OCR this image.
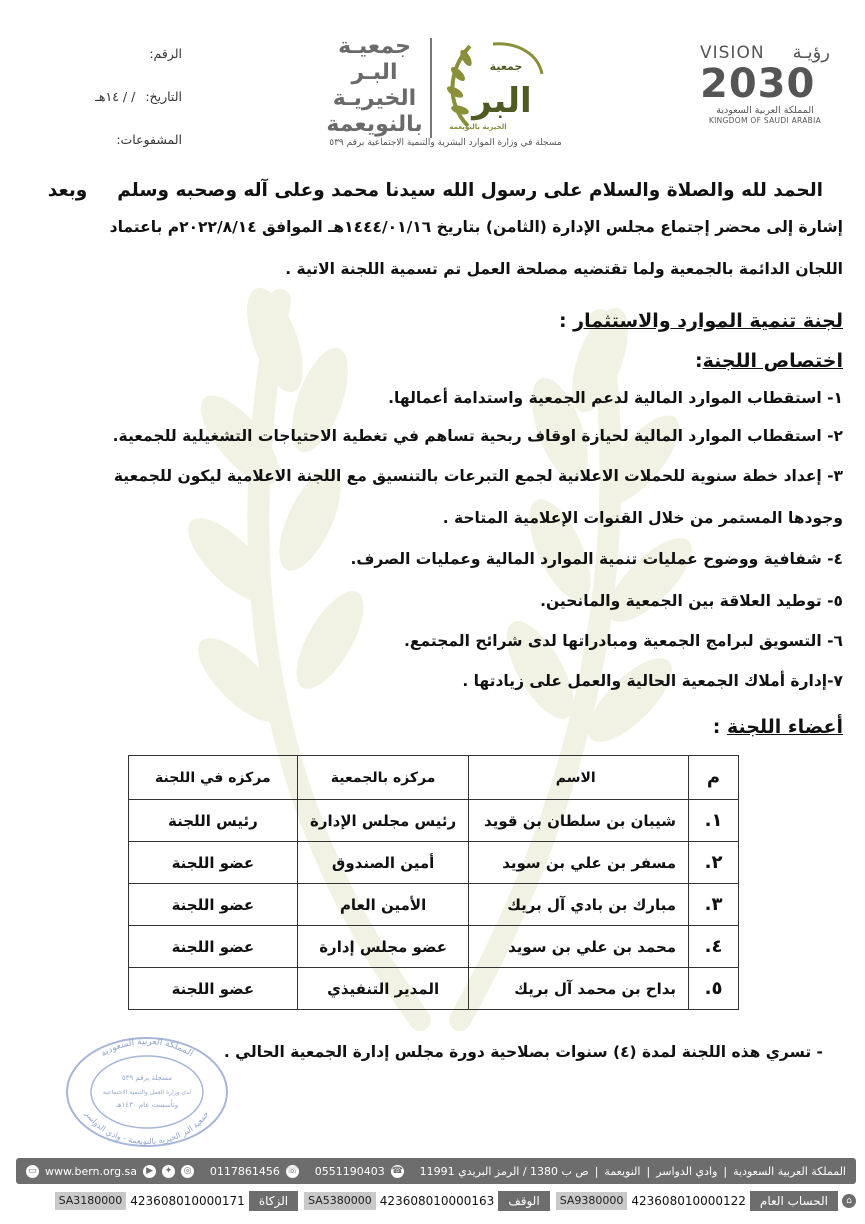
الرقم:
التاريخ:
/ / ١٤هـ
المشفوعات:
جمعيـة
البـر
الخيريـة
بالنويعمة
جمعية
البر
الخيرية بالنويعمة
مسجلة في وزارة الموارد البشرية والتنمية الاجتماعية برقم ٥٣٩
VISION رؤيـة
2030
المملكة العربية السعودية
KINGDOM OF SAUDI ARABIA
الحمد لله والصلاة والسلام على رسول الله سيدنا محمد وعلى آله وصحبه وسلموبعد
إشارة إلى محضر إجتماع مجلس الإدارة (الثامن) بتاريخ ١٤٤٤/٠١/١٦هـ الموافق ٢٠٢٢/٨/١٤م باعتماد
اللجان الدائمة بالجمعية ولما تقتضيه مصلحة العمل تم تسمية اللجنة الاتية .
لجنة تنمية الموارد والاستثمار :
اختصاص اللجنة:
١- استقطاب الموارد المالية لدعم الجمعية واستدامة أعمالها.
٢- استقطاب الموارد المالية لحيازة اوقاف ربحية تساهم في تغطية الاحتياجات التشغيلية للجمعية.
٣- إعداد خطة سنوية للحملات الاعلانية لجمع التبرعات بالتنسيق مع اللجنة الاعلامية ليكون للجمعية
وجودها المستمر من خلال القنوات الإعلامية المتاحة .
٤- شفافية ووضوح عمليات تنمية الموارد المالية وعمليات الصرف.
٥- توطيد العلاقة بين الجمعية والمانحين.
٦- التسويق لبرامج الجمعية ومبادراتها لدى شرائح المجتمع.
٧-إدارة أملاك الجمعية الحالية والعمل على زيادتها .
أعضاء اللجنة :
م	الاسم	مركزه بالجمعية	مركزه في اللجنة
١.	شيبان بن سلطان بن قويد	رئيس مجلس الإدارة	رئيس اللجنة
٢.	مسفر بن علي بن سويد	أمين الصندوق	عضو اللجنة
٣.	مبارك بن بادي آل بريك	الأمين العام	عضو اللجنة
٤.	محمد بن علي بن سويد	عضو مجلس إدارة	عضو اللجنة
٥.	بداح بن محمد آل بريك	المدير التنفيذي	عضو اللجنة
- تسري هذه اللجنة لمدة (٤) سنوات بصلاحية دورة مجلس إدارة الجمعية الحالي .
المملكة العربية السعودية
مسجلة برقم ٥٣٩
لدى وزارة العمل والتنمية الاجتماعية
وتأسست عام ١٤٣٠هـ
جمعية البر الخيرية بالنويعمة - وادي الدواسر
المملكة العربية السعودية
|
وادي الدواسر
|
النويعمة
|
ص ب 1380 / الرمز البريدي 11991
☎
0551190403
☏
0117861456
◎
✦
▶
www.bern.org.sa
▭
⌂
الحساب العام
423608010000122
SA9380000
الوقف
423608010000163
SA5380000
الزكاة
423608010000171
SA3180000
